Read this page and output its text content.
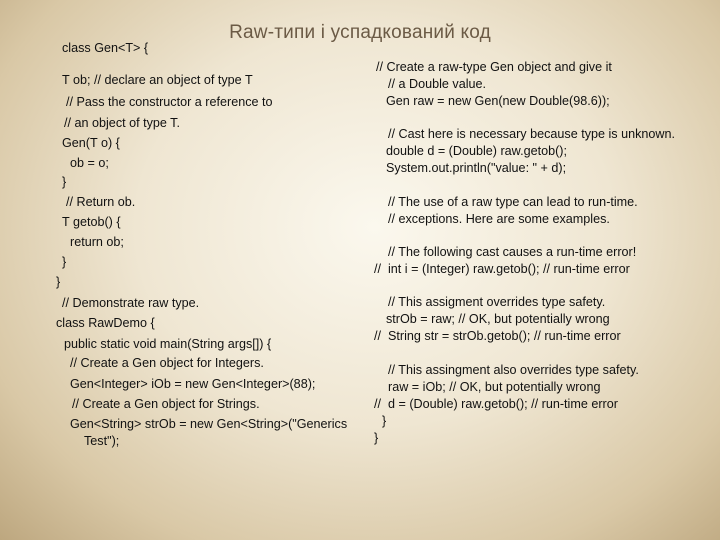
Raw-типи і успадкований код
class Gen<T> {
T ob; // declare an object of type T
// Pass the constructor a reference to
// an object of type T.
Gen(T o) {
ob = o;
}
// Return ob.
T getob() {
return ob;
}
}
// Demonstrate raw type.
class RawDemo {
public static void main(String args[]) {
// Create a Gen object for Integers.
Gen<Integer> iOb = new Gen<Integer>(88);
// Create a Gen object for Strings.
Gen<String> strOb = new Gen<String>("Generics
Test");
// Create a raw-type Gen object and give it
// a Double value.
Gen raw = new Gen(new Double(98.6));
// Cast here is necessary because type is unknown.
double d = (Double) raw.getob();
System.out.println("value: " + d);
// The use of a raw type can lead to run-time.
// exceptions. Here are some examples.
// The following cast causes a run-time error!
//  int i = (Integer) raw.getob(); // run-time error
// This assigment overrides type safety.
strOb = raw; // OK, but potentially wrong
//  String str = strOb.getob(); // run-time error
// This assingment also overrides type safety.
raw = iOb; // OK, but potentially wrong
//  d = (Double) raw.getob(); // run-time error
}
}
